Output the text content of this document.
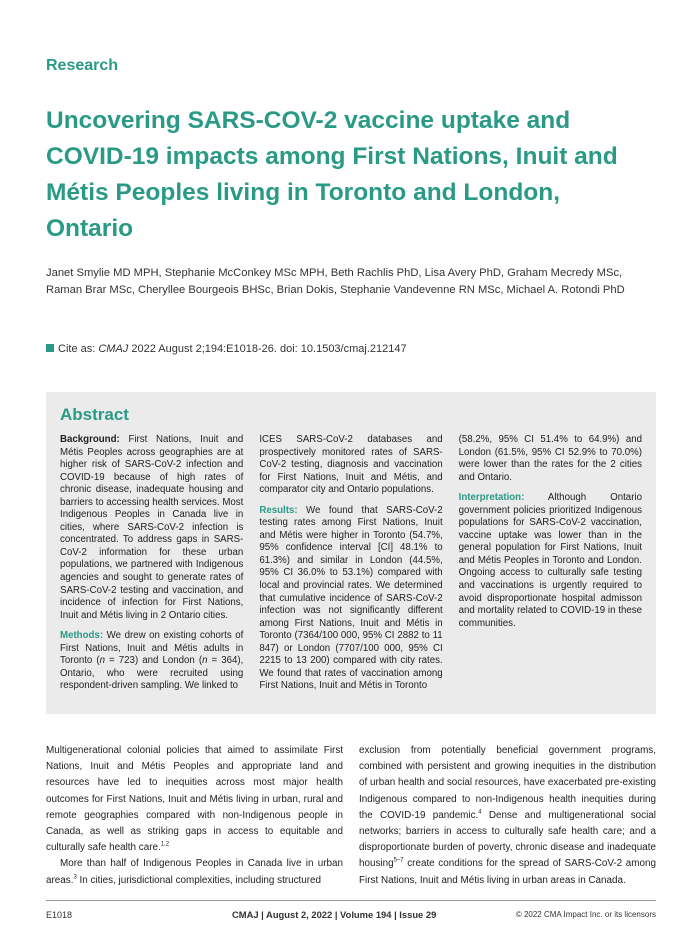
Research
Uncovering SARS-COV-2 vaccine uptake and COVID-19 impacts among First Nations, Inuit and Métis Peoples living in Toronto and London, Ontario

Janet Smylie MD MPH, Stephanie McConkey MSc MPH, Beth Rachlis PhD, Lisa Avery PhD, Graham Mecredy MSc, Raman Brar MSc, Cheryllee Bourgeois BHSc, Brian Dokis, Stephanie Vandevenne RN MSc, Michael A. Rotondi PhD

Cite as: CMAJ 2022 August 2;194:E1018-26. doi: 10.1503/cmaj.212147
Abstract

Background: First Nations, Inuit and Métis Peoples across geographies are at higher risk of SARS-CoV-2 infection and COVID-19 because of high rates of chronic disease, inadequate housing and barriers to accessing health services. Most Indigenous Peoples in Canada live in cities, where SARS-CoV-2 infection is concentrated. To address gaps in SARS-CoV-2 information for these urban populations, we partnered with Indigenous agencies and sought to generate rates of SARS-CoV-2 testing and vaccination, and incidence of infection for First Nations, Inuit and Métis living in 2 Ontario cities.

Methods: We drew on existing cohorts of First Nations, Inuit and Métis adults in Toronto (n = 723) and London (n = 364), Ontario, who were recruited using respondent-driven sampling. We linked to

ICES SARS-CoV-2 databases and prospectively monitored rates of SARS-CoV-2 testing, diagnosis and vaccination for First Nations, Inuit and Métis, and comparator city and Ontario populations.

Results: We found that SARS-CoV-2 testing rates among First Nations, Inuit and Métis were higher in Toronto (54.7%, 95% confidence interval [CI] 48.1% to 61.3%) and similar in London (44.5%, 95% CI 36.0% to 53.1%) compared with local and provincial rates. We determined that cumulative incidence of SARS-CoV-2 infection was not significantly different among First Nations, Inuit and Métis in Toronto (7364/100 000, 95% CI 2882 to 11 847) or London (7707/100 000, 95% CI 2215 to 13 200) compared with city rates. We found that rates of vaccination among First Nations, Inuit and Métis in Toronto

(58.2%, 95% CI 51.4% to 64.9%) and London (61.5%, 95% CI 52.9% to 70.0%) were lower than the rates for the 2 cities and Ontario.

Interpretation: Although Ontario government policies prioritized Indigenous populations for SARS-CoV-2 vaccination, vaccine uptake was lower than in the general population for First Nations, Inuit and Métis Peoples in Toronto and London. Ongoing access to culturally safe testing and vaccinations is urgently required to avoid disproportionate hospital admisson and mortality related to COVID-19 in these communities.

Multigenerational colonial policies that aimed to assimilate First Nations, Inuit and Métis Peoples and appropriate land and resources have led to inequities across most major health outcomes for First Nations, Inuit and Métis living in urban, rural and remote geographies compared with non-Indigenous people in Canada, as well as striking gaps in access to equitable and culturally safe health care.$^{1,2}$

More than half of Indigenous Peoples in Canada live in urban areas.$^3$ In cities, jurisdictional complexities, including structured

exclusion from potentially beneficial government programs, combined with persistent and growing inequities in the distribution of urban health and social resources, have exacerbated pre-existing Indigenous compared to non-Indigenous health inequities during the COVID-19 pandemic.$^4$ Dense and multigenerational social networks; barriers in access to culturally safe health care; and a disproportionate burden of poverty, chronic disease and inadequate housing$^{5-7}$ create conditions for the spread of SARS-CoV-2 among First Nations, Inuit and Métis living in urban areas in Canada.

E1018	CMAJ | August 2, 2022 | Volume 194 | Issue 29	© 2022 CMA Impact Inc. or its licensors
